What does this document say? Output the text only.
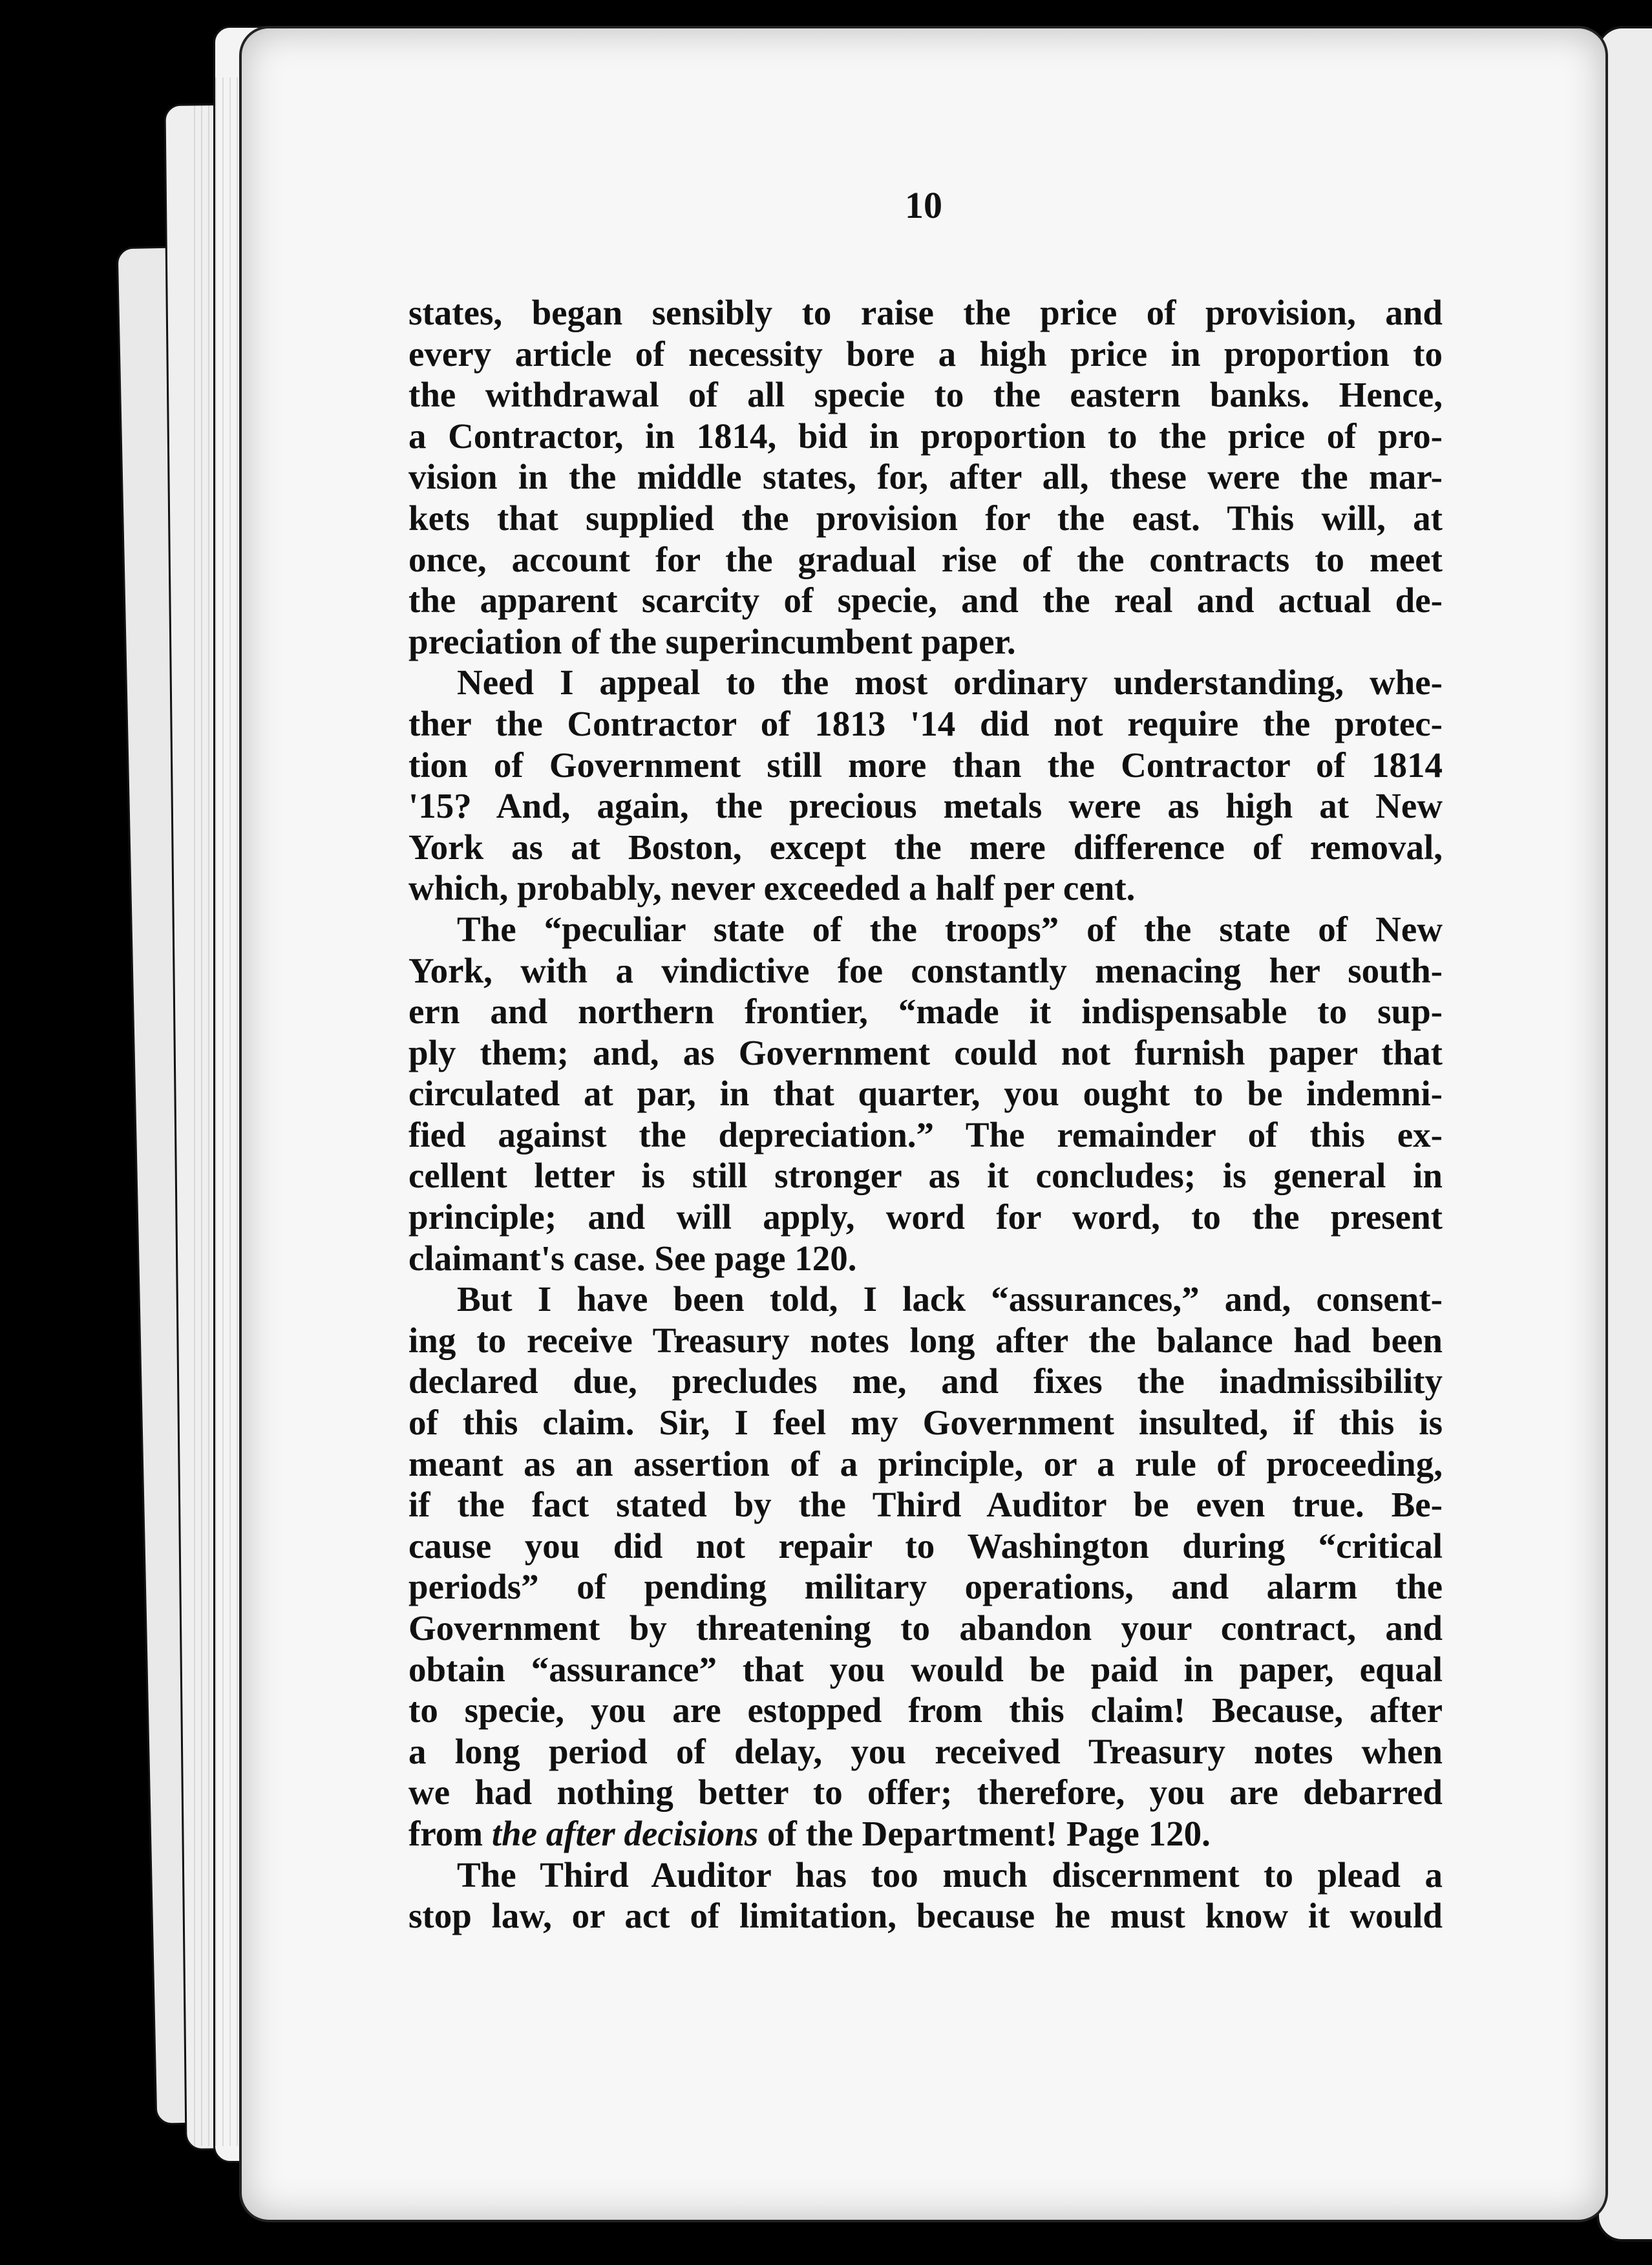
10
states, began sensibly to raise the price of provision, and
every article of necessity bore a high price in proportion to
the withdrawal of all specie to the eastern banks. Hence,
a Contractor, in 1814, bid in proportion to the price of pro-
vision in the middle states, for, after all, these were the mar-
kets that supplied the provision for the east. This will, at
once, account for the gradual rise of the contracts to meet
the apparent scarcity of specie, and the real and actual de-
preciation of the superincumbent paper.
Need I appeal to the most ordinary understanding, whe-
ther the Contractor of 1813 '14 did not require the protec-
tion of Government still more than the Contractor of 1814
'15? And, again, the precious metals were as high at New
York as at Boston, except the mere difference of removal,
which, probably, never exceeded a half per cent.
The “peculiar state of the troops” of the state of New
York, with a vindictive foe constantly menacing her south-
ern and northern frontier, “made it indispensable to sup-
ply them; and, as Government could not furnish paper that
circulated at par, in that quarter, you ought to be indemni-
fied against the depreciation.” The remainder of this ex-
cellent letter is still stronger as it concludes; is general in
principle; and will apply, word for word, to the present
claimant's case. See page 120.
But I have been told, I lack “assurances,” and, consent-
ing to receive Treasury notes long after the balance had been
declared due, precludes me, and fixes the inadmissibility
of this claim. Sir, I feel my Government insulted, if this is
meant as an assertion of a principle, or a rule of proceeding,
if the fact stated by the Third Auditor be even true. Be-
cause you did not repair to Washington during “critical
periods” of pending military operations, and alarm the
Government by threatening to abandon your contract, and
obtain “assurance” that you would be paid in paper, equal
to specie, you are estopped from this claim! Because, after
a long period of delay, you received Treasury notes when
we had nothing better to offer; therefore, you are debarred
from the after decisions of the Department! Page 120.
The Third Auditor has too much discernment to plead a
stop law, or act of limitation, because he must know it would
